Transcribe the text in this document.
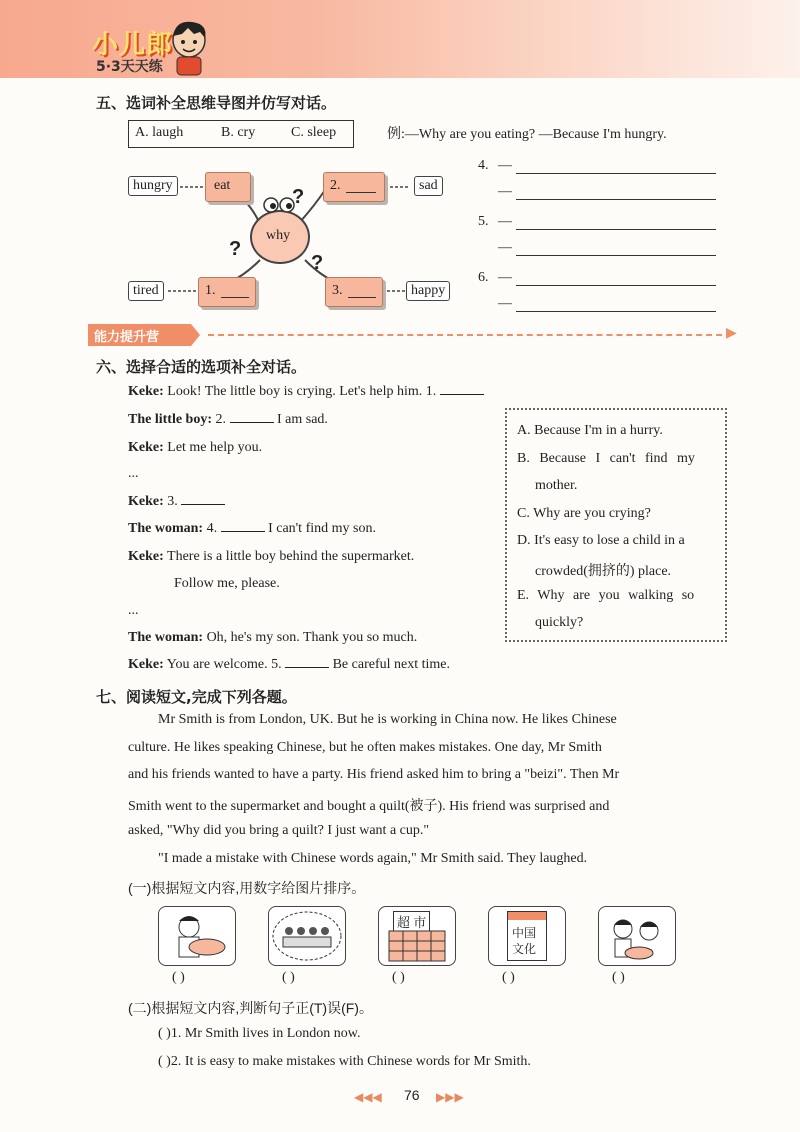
小儿郎
5·3天天练
五、选词补全思维导图并仿写对话。
A. laugh	B. cry	C. sleep	例:—Why are you eating? —Because I'm hungry.
why
hungry	sad
tired	happy
eat	2.
1.	3.
?
?
?
4. —
—
5. —
—
6. —
—
能力提升营	▶
六、选择合适的选项补全对话。
Keke: Look! The little boy is crying. Let's help him. 1.
The little boy: 2.	I am sad.
Keke: Let me help you.
...
Keke: 3.
The woman: 4.	I can't find my son.
Keke: There is a little boy behind the supermarket.
Follow me, please.
...
The woman: Oh, he's my son. Thank you so much.
Keke: You are welcome. 5.	Be careful next time.
A. Because I'm in a hurry.
B. Because I can't find my
mother.
C. Why are you crying?
D. It's easy to lose a child in a
crowded(拥挤的) place.
E. Why are you walking so
quickly?
七、阅读短文,完成下列各题。
Mr Smith is from London, UK. But he is working in China now. He likes Chinese
culture. He likes speaking Chinese, but he often makes mistakes. One day, Mr Smith
and his friends wanted to have a party. His friend asked him to bring a "beizi". Then Mr
Smith went to the supermarket and bought a quilt(被子). His friend was surprised and
asked, "Why did you bring a quilt? I just want a cup."
"I made a mistake with Chinese words again," Mr Smith said. They laughed.
(一)根据短文内容,用数字给图片排序。
超 市
中国
文化
( )	( )	( )	( )	( )
(二)根据短文内容,判断句子正(T)误(F)。
( )1. Mr Smith lives in London now.
( )2. It is easy to make mistakes with Chinese words for Mr Smith.
◀◀◀ 76 ▶▶▶
